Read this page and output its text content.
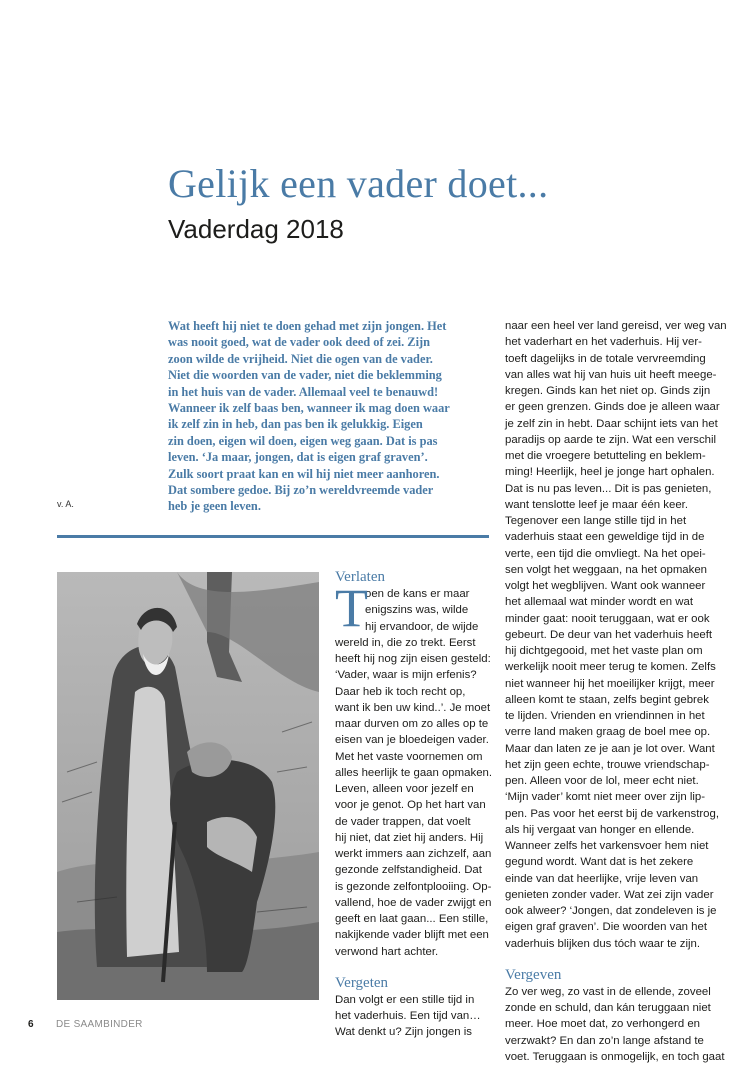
Gelijk een vader doet...
Vaderdag 2018
Wat heeft hij niet te doen gehad met zijn jongen. Het
was nooit goed, wat de vader ook deed of zei. Zijn
zoon wilde de vrijheid. Niet die ogen van de vader.
Niet die woorden van de vader, niet die beklemming
in het huis van de vader. Allemaal veel te benauwd!
Wanneer ik zelf baas ben, wanneer ik mag doen waar
ik zelf zin in heb, dan pas ben ik gelukkig. Eigen
zin doen, eigen wil doen, eigen weg gaan. Dat is pas
leven. ‘Ja maar, jongen, dat is eigen graf graven’.
Zulk soort praat kan en wil hij niet meer aanhoren.
Dat sombere gedoe. Bij zo’n wereldvreemde vader
heb je geen leven.
v. A.
Verlaten
T
oen de kans er maar
enigszins was, wilde
hij ervandoor, de wijde
wereld in, die zo trekt. Eerst
heeft hij nog zijn eisen gesteld:
‘Vader, waar is mijn erfenis?
Daar heb ik toch recht op,
want ik ben uw kind..’. Je moet
maar durven om zo alles op te
eisen van je bloedeigen vader.
Met het vaste voornemen om
alles heerlijk te gaan opmaken.
Leven, alleen voor jezelf en
voor je genot. Op het hart van
de vader trappen, dat voelt
hij niet, dat ziet hij anders. Hij
werkt immers aan zichzelf, aan
gezonde zelfstandigheid. Dat
is gezonde zelfontplooiing. Op-
vallend, hoe de vader zwijgt en
geeft en laat gaan... Een stille,
nakijkende vader blijft met een
verwond hart achter.
Vergeten
Dan volgt er een stille tijd in
het vaderhuis. Een tijd van…
Wat denkt u? Zijn jongen is
naar een heel ver land gereisd, ver weg van
het vaderhart en het vaderhuis. Hij ver-
toeft dagelijks in de totale vervreemding
van alles wat hij van huis uit heeft meege-
kregen. Ginds kan het niet op. Ginds zijn
er geen grenzen. Ginds doe je alleen waar
je zelf zin in hebt. Daar schijnt iets van het
paradijs op aarde te zijn. Wat een verschil
met die vroegere betutteling en beklem-
ming! Heerlijk, heel je jonge hart ophalen.
Dat is nu pas leven... Dit is pas genieten,
want tenslotte leef je maar één keer.
Tegenover een lange stille tijd in het
vaderhuis staat een geweldige tijd in de
verte, een tijd die omvliegt. Na het opei-
sen volgt het weggaan, na het opmaken
volgt het wegblijven. Want ook wanneer
het allemaal wat minder wordt en wat
minder gaat: nooit teruggaan, wat er ook
gebeurt. De deur van het vaderhuis heeft
hij dichtgegooid, met het vaste plan om
werkelijk nooit meer terug te komen. Zelfs
niet wanneer hij het moeilijker krijgt, meer
alleen komt te staan, zelfs begint gebrek
te lijden. Vrienden en vriendinnen in het
verre land maken graag de boel mee op.
Maar dan laten ze je aan je lot over. Want
het zijn geen echte, trouwe vriendschap-
pen. Alleen voor de lol, meer echt niet.
‘Mijn vader’ komt niet meer over zijn lip-
pen. Pas voor het eerst bij de varkenstrog,
als hij vergaat van honger en ellende.
Wanneer zelfs het varkensvoer hem niet
gegund wordt. Want dat is het zekere
einde van dat heerlijke, vrije leven van
genieten zonder vader. Wat zei zijn vader
ook alweer? ‘Jongen, dat zondeleven is je
eigen graf graven’. Die woorden van het
vaderhuis blijken dus tóch waar te zijn.
Vergeven
Zo ver weg, zo vast in de ellende, zoveel
zonde en schuld, dan kán teruggaan niet
meer. Hoe moet dat, zo verhongerd en
verzwakt? En dan zo’n lange afstand te
voet. Teruggaan is onmogelijk, en toch gaat
6 DE SAAMBINDER
